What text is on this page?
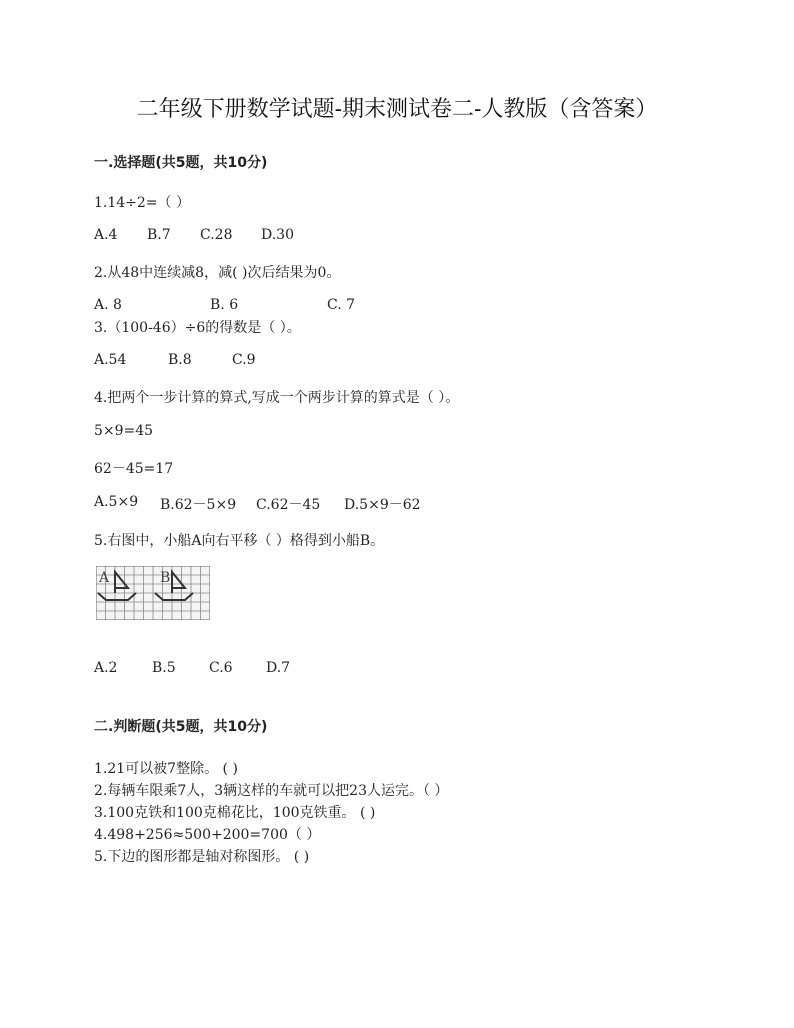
二年级下册数学试题-期末测试卷二-人教版（含答案）
一.选择题(共5题，共10分)
1.14÷2=（ ）
A.4 B.7 C.28 D.30
2.从48中连续减8，减( )次后结果为0。
A. 8	B. 6	C. 7
3.（100-46）÷6的得数是（ ）。
A.54	B.8	C.9
4.把两个一步计算的算式,写成一个两步计算的算式是（ ）。
5×9=45
62－45=17
A.5×9 B.62－5×9 C.62－45 D.5×9－62
5.右图中，小船A向右平移（ ）格得到小船B。
A	B
A.2 B.5 C.6 D.7
二.判断题(共5题，共10分)
1.21可以被7整除。 ( )
2.每辆车限乘7人，3辆这样的车就可以把23人运完。（ ）
3.100克铁和100克棉花比，100克铁重。 ( )
4.498+256≈500+200=700（ ）
5.下边的图形都是轴对称图形。 ( )
